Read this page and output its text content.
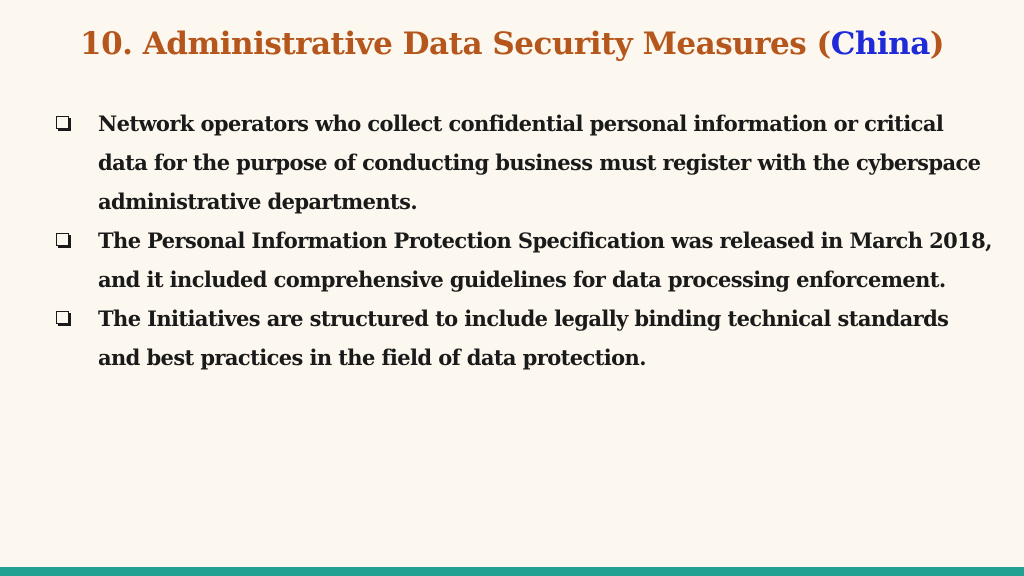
10. Administrative Data Security Measures (China)
Network operators who collect confidential personal information or critical data for the purpose of conducting business must register with the cyberspace administrative departments.
The Personal Information Protection Specification was released in March 2018, and it included comprehensive guidelines for data processing enforcement.
The Initiatives are structured to include legally binding technical standards and best practices in the field of data protection.
